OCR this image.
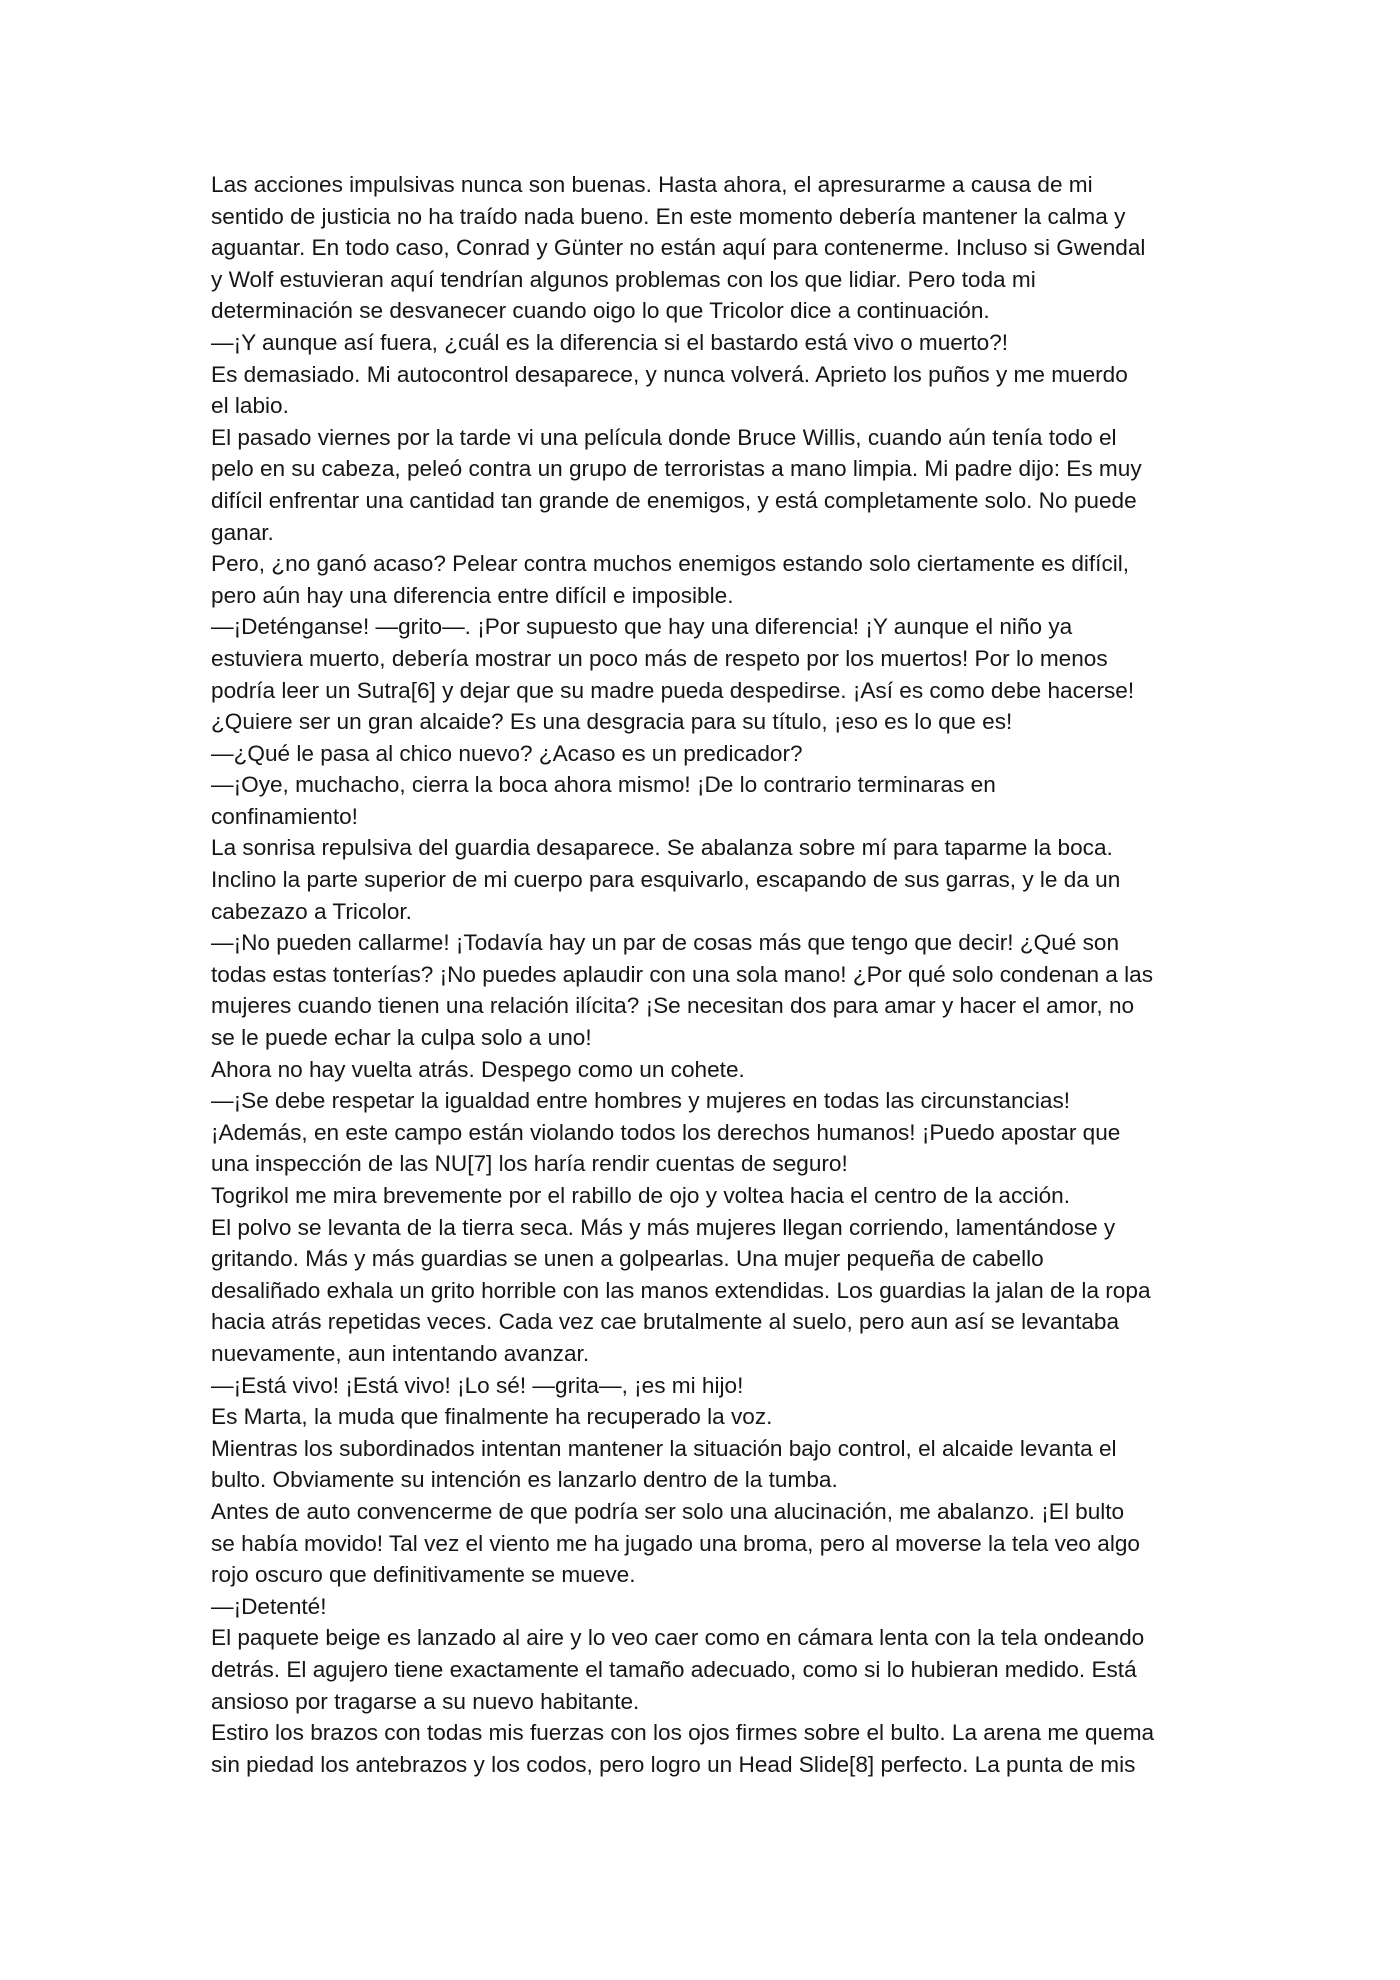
Las acciones impulsivas nunca son buenas. Hasta ahora, el apresurarme a causa de mi

sentido de justicia no ha traído nada bueno. En este momento debería mantener la calma y

aguantar. En todo caso, Conrad y Günter no están aquí para contenerme. Incluso si Gwendal

y Wolf estuvieran aquí tendrían algunos problemas con los que lidiar. Pero toda mi

determinación se desvanecer cuando oigo lo que Tricolor dice a continuación.

—¡Y aunque así fuera, ¿cuál es la diferencia si el bastardo está vivo o muerto?!

Es demasiado. Mi autocontrol desaparece, y nunca volverá. Aprieto los puños y me muerdo

el labio.

El pasado viernes por la tarde vi una película donde Bruce Willis, cuando aún tenía todo el

pelo en su cabeza, peleó contra un grupo de terroristas a mano limpia. Mi padre dijo: Es muy

difícil enfrentar una cantidad tan grande de enemigos, y está completamente solo. No puede

ganar.

Pero, ¿no ganó acaso? Pelear contra muchos enemigos estando solo ciertamente es difícil,

pero aún hay una diferencia entre difícil e imposible.

—¡Deténganse! —grito—. ¡Por supuesto que hay una diferencia! ¡Y aunque el niño ya

estuviera muerto, debería mostrar un poco más de respeto por los muertos! Por lo menos

podría leer un Sutra[6] y dejar que su madre pueda despedirse. ¡Así es como debe hacerse!

¿Quiere ser un gran alcaide? Es una desgracia para su título, ¡eso es lo que es!

—¿Qué le pasa al chico nuevo? ¿Acaso es un predicador?

—¡Oye, muchacho, cierra la boca ahora mismo! ¡De lo contrario terminaras en

confinamiento!

La sonrisa repulsiva del guardia desaparece. Se abalanza sobre mí para taparme la boca.

Inclino la parte superior de mi cuerpo para esquivarlo, escapando de sus garras, y le da un

cabezazo a Tricolor.

—¡No pueden callarme! ¡Todavía hay un par de cosas más que tengo que decir! ¿Qué son

todas estas tonterías? ¡No puedes aplaudir con una sola mano! ¿Por qué solo condenan a las

mujeres cuando tienen una relación ilícita? ¡Se necesitan dos para amar y hacer el amor, no

se le puede echar la culpa solo a uno!

Ahora no hay vuelta atrás. Despego como un cohete.

—¡Se debe respetar la igualdad entre hombres y mujeres en todas las circunstancias!

¡Además, en este campo están violando todos los derechos humanos! ¡Puedo apostar que

una inspección de las NU[7] los haría rendir cuentas de seguro!

Togrikol me mira brevemente por el rabillo de ojo y voltea hacia el centro de la acción.

El polvo se levanta de la tierra seca. Más y más mujeres llegan corriendo, lamentándose y

gritando. Más y más guardias se unen a golpearlas. Una mujer pequeña de cabello

desaliñado exhala un grito horrible con las manos extendidas. Los guardias la jalan de la ropa

hacia atrás repetidas veces. Cada vez cae brutalmente al suelo, pero aun así se levantaba

nuevamente, aun intentando avanzar.

—¡Está vivo! ¡Está vivo! ¡Lo sé! —grita—, ¡es mi hijo!

Es Marta, la muda que finalmente ha recuperado la voz.

Mientras los subordinados intentan mantener la situación bajo control, el alcaide levanta el

bulto. Obviamente su intención es lanzarlo dentro de la tumba.

Antes de auto convencerme de que podría ser solo una alucinación, me abalanzo. ¡El bulto

se había movido! Tal vez el viento me ha jugado una broma, pero al moverse la tela veo algo

rojo oscuro que definitivamente se mueve.

—¡Detenté!

El paquete beige es lanzado al aire y lo veo caer como en cámara lenta con la tela ondeando

detrás. El agujero tiene exactamente el tamaño adecuado, como si lo hubieran medido. Está

ansioso por tragarse a su nuevo habitante.

Estiro los brazos con todas mis fuerzas con los ojos firmes sobre el bulto. La arena me quema

sin piedad los antebrazos y los codos, pero logro un Head Slide[8] perfecto. La punta de mis
